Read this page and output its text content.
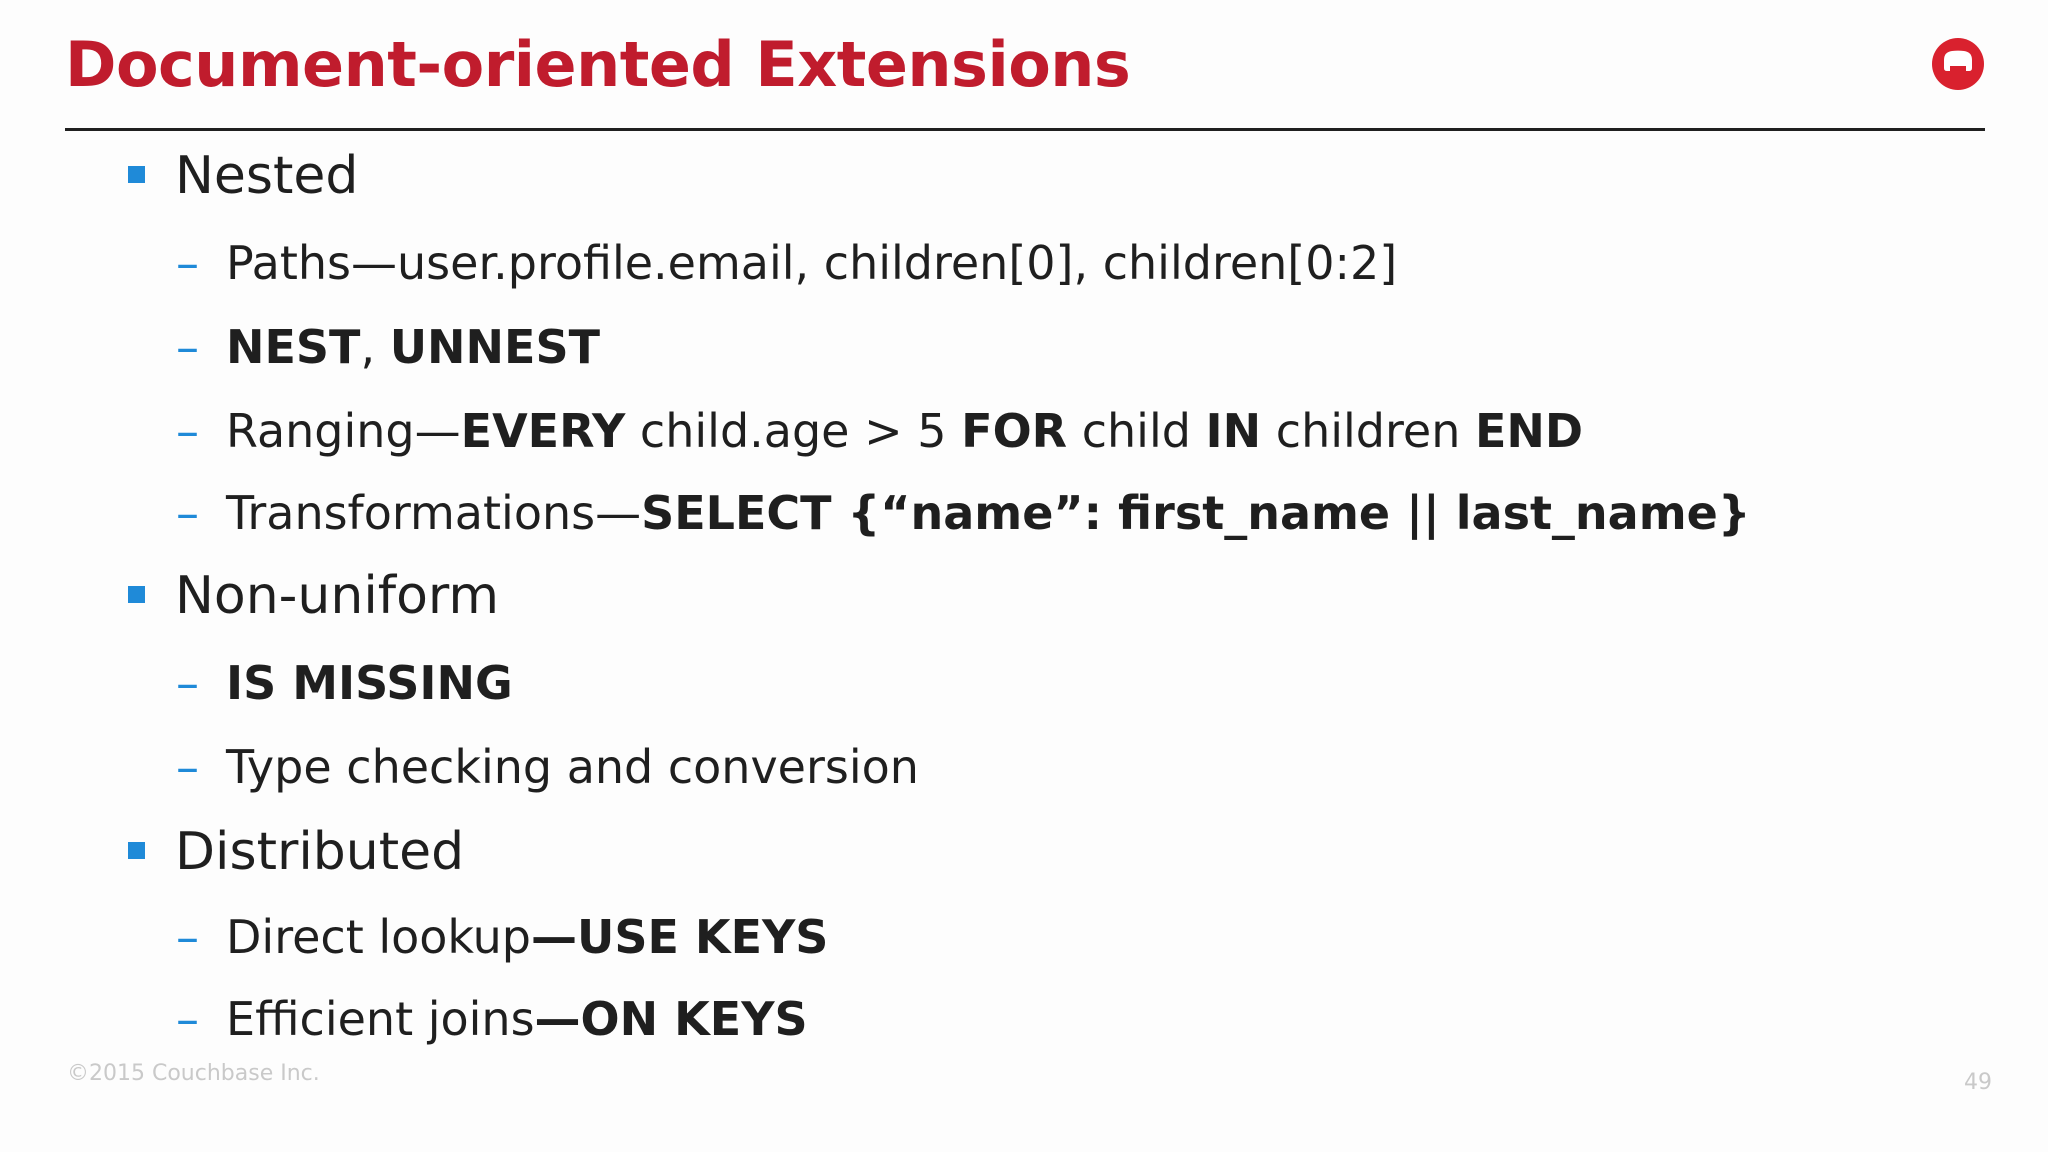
Document-oriented Extensions
Nested
– Paths—user.profile.email, children[0], children[0:2]
– NEST, UNNEST
– Ranging—EVERY child.age > 5 FOR child IN children END
– Transformations—SELECT {“name”: first_name || last_name}
Non-uniform
– IS MISSING
– Type checking and conversion
Distributed
– Direct lookup—USE KEYS
– Efficient joins—ON KEYS
©2015 Couchbase Inc.	49
